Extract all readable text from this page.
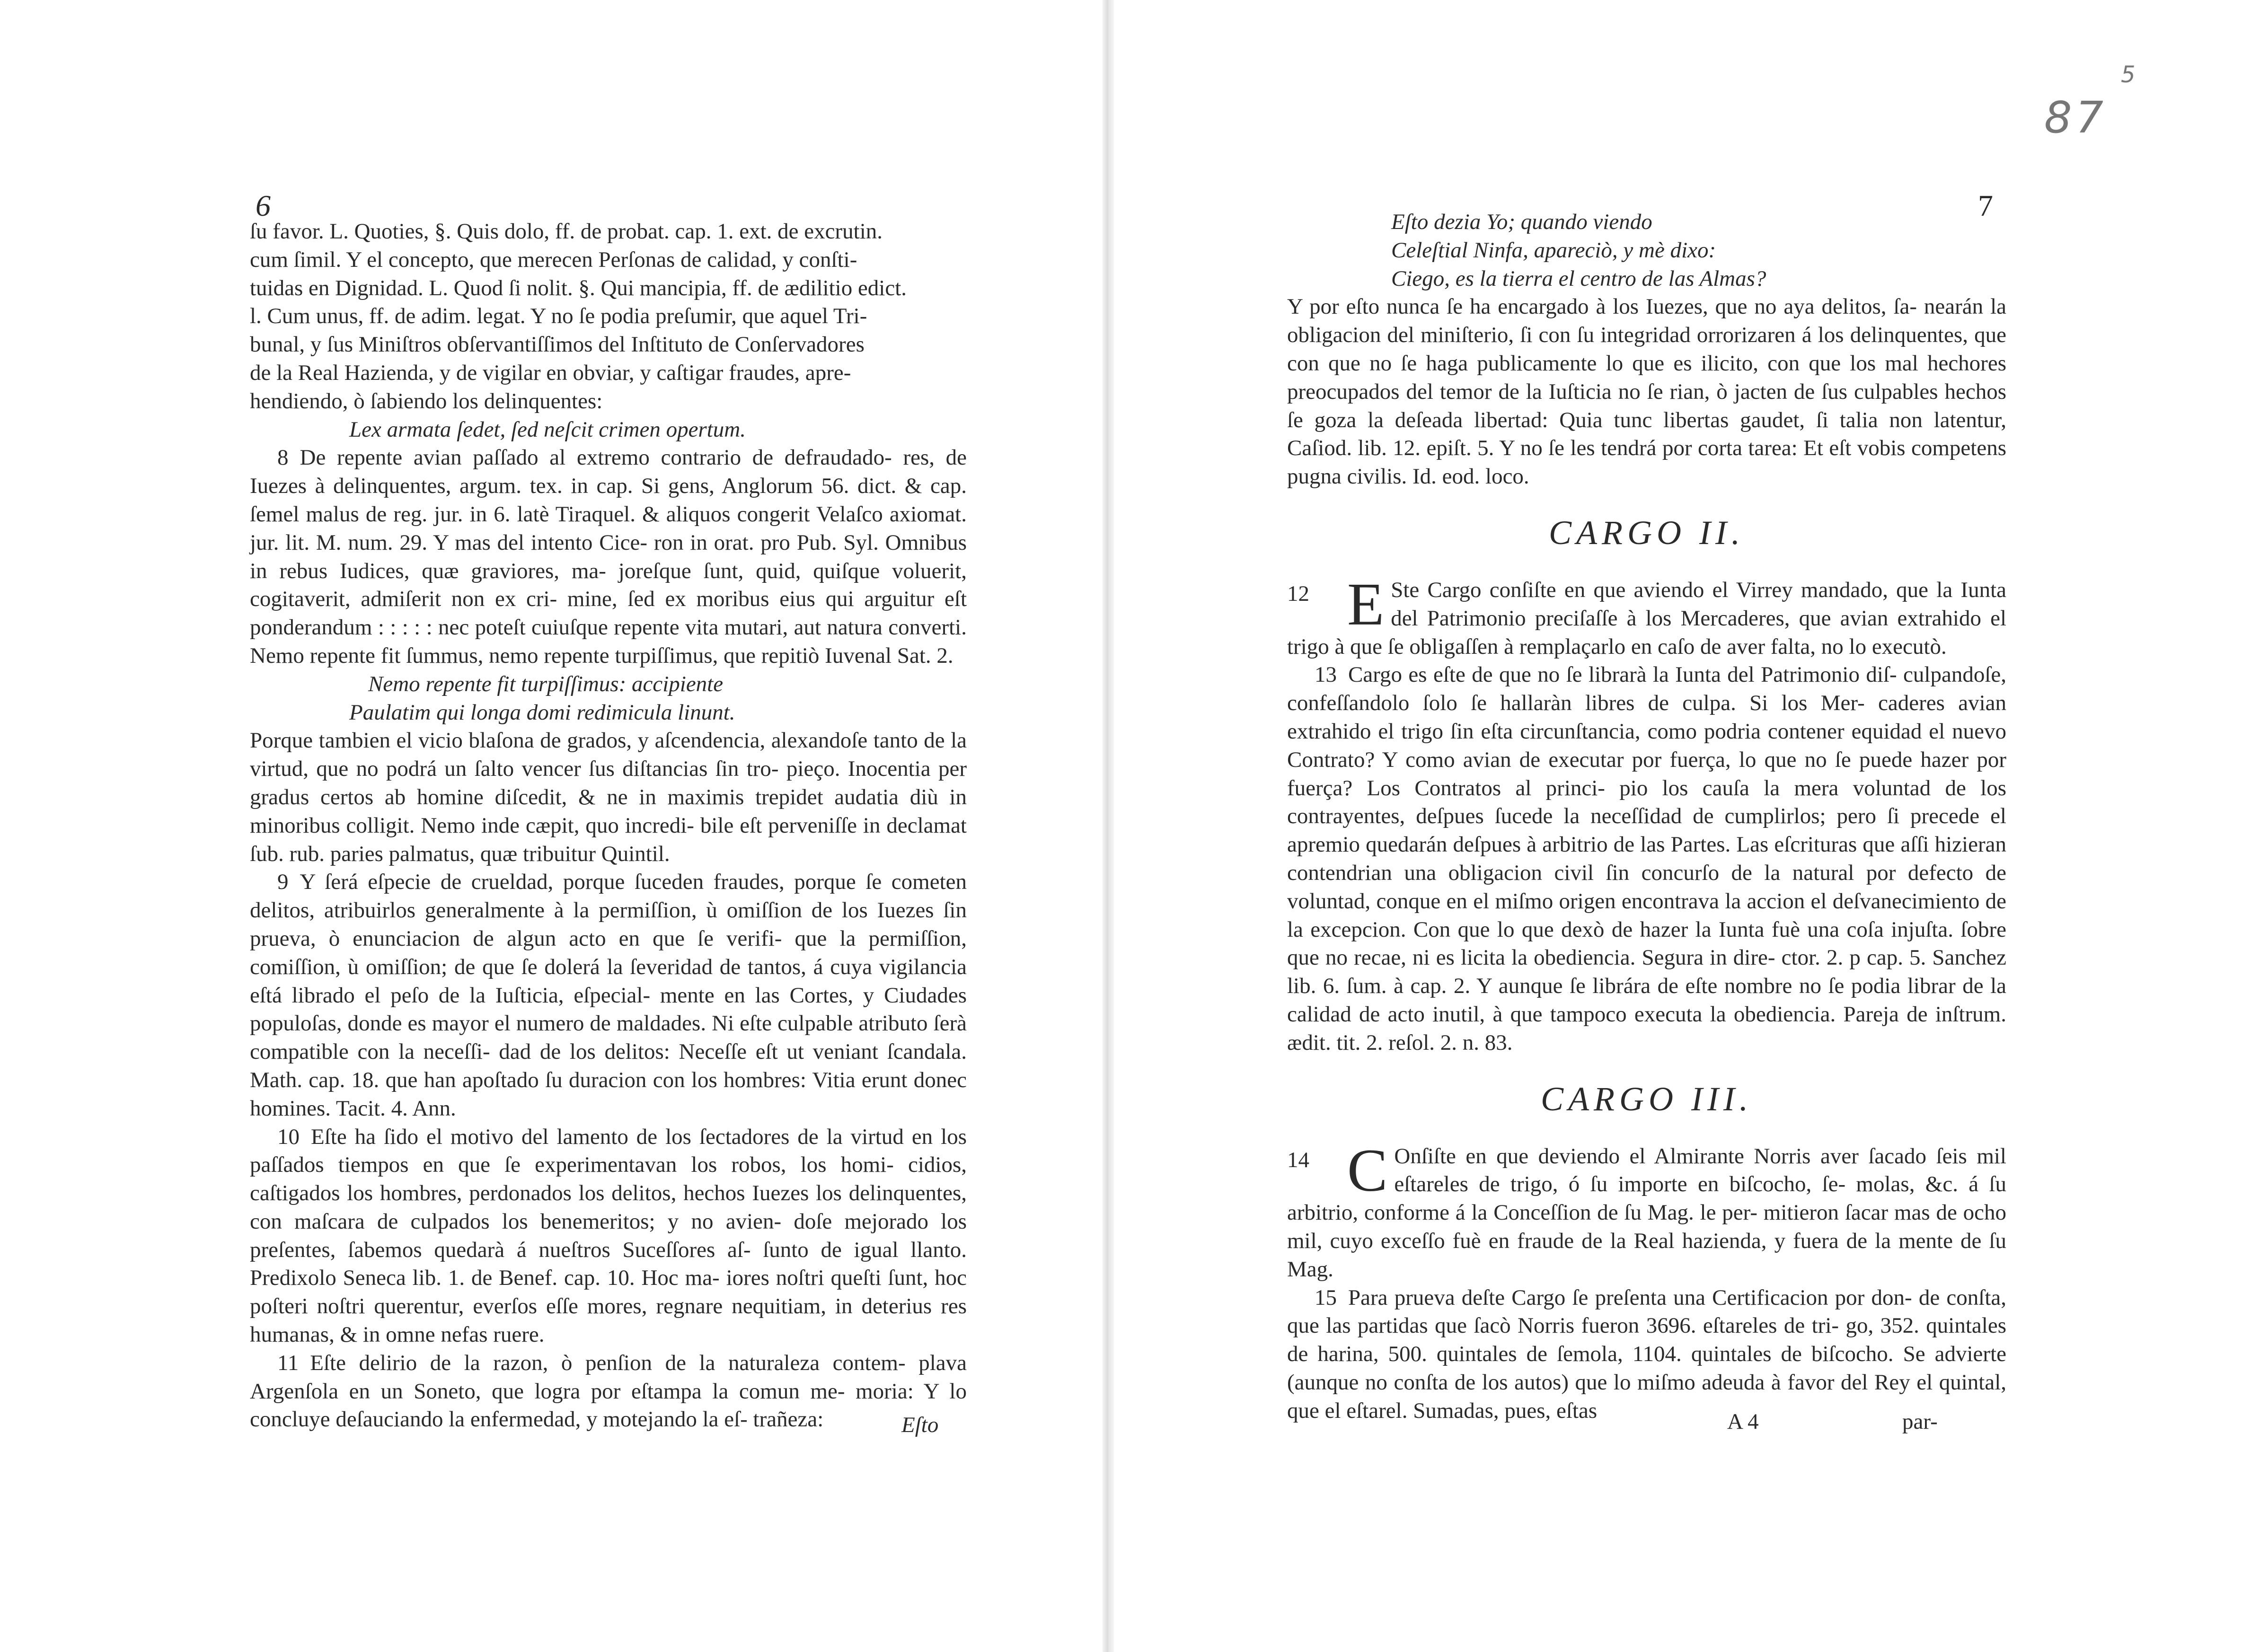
6

ſu favor. L. Quoties, §. Quis dolo, ff. de probat. cap. 1. ext. de excrutin.

cum ſimil. Y el concepto, que merecen Perſonas de calidad, y conſti-

tuidas en Dignidad. L. Quod ſi nolit. §. Qui mancipia, ff. de ædilitio edict.

l. Cum unus, ff. de adim. legat. Y no ſe podia preſumir, que aquel Tri-

bunal, y ſus Miniſtros obſervantiſſimos del Inſtituto de Conſervadores

de la Real Hazienda, y de vigilar en obviar, y caſtigar fraudes, apre-

hendiendo, ò ſabiendo los delinquentes:

Lex armata ſedet, ſed neſcit crimen opertum.

8 De repente avian paſſado al extremo contrario de defraudado- res, de Iuezes à delinquentes, argum. tex. in cap. Si gens, Anglorum 56. dict. & cap. ſemel malus de reg. jur. in 6. latè Tiraquel. & aliquos congerit Velaſco axiomat. jur. lit. M. num. 29. Y mas del intento Cice- ron in orat. pro Pub. Syl. Omnibus in rebus Iudices, quæ graviores, ma- joreſque ſunt, quid, quiſque voluerit, cogitaverit, admiſerit non ex cri- mine, ſed ex moribus eius qui arguitur eſt ponderandum : : : : : nec poteſt cuiuſque repente vita mutari, aut natura converti. Nemo repente fit ſummus, nemo repente turpiſſimus, que repitiò Iuvenal Sat. 2.

Nemo repente fit turpiſſimus: accipiente

Paulatim qui longa domi redimicula linunt.

Porque tambien el vicio blaſona de grados, y aſcendencia, alexandoſe tanto de la virtud, que no podrá un ſalto vencer ſus diſtancias ſin tro- pieço. Inocentia per gradus certos ab homine diſcedit, & ne in maximis trepidet audatia diù in minoribus colligit. Nemo inde cæpit, quo incredi- bile eſt perveniſſe in declamat ſub. rub. paries palmatus, quæ tribuitur Quintil.

9 Y ſerá eſpecie de crueldad, porque ſuceden fraudes, porque ſe cometen delitos, atribuirlos generalmente à la permiſſion, ù omiſſion de los Iuezes ſin prueva, ò enunciacion de algun acto en que ſe verifi- que la permiſſion, comiſſion, ù omiſſion; de que ſe dolerá la ſeveridad de tantos, á cuya vigilancia eſtá librado el peſo de la Iuſticia, eſpecial- mente en las Cortes, y Ciudades populoſas, donde es mayor el numero de maldades. Ni eſte culpable atributo ſerà compatible con la neceſſi- dad de los delitos: Neceſſe eſt ut veniant ſcandala. Math. cap. 18. que han apoſtado ſu duracion con los hombres: Vitia erunt donec homines. Tacit. 4. Ann.

10 Eſte ha ſido el motivo del lamento de los ſectadores de la virtud en los paſſados tiempos en que ſe experimentavan los robos, los homi- cidios, caſtigados los hombres, perdonados los delitos, hechos Iuezes los delinquentes, con maſcara de culpados los benemeritos; y no avien- doſe mejorado los preſentes, ſabemos quedarà á nueſtros Suceſſores aſ- ſunto de igual llanto. Predixolo Seneca lib. 1. de Benef. cap. 10. Hoc ma- iores noſtri queſti ſunt, hoc poſteri noſtri querentur, everſos eſſe mores, regnare nequitiam, in deterius res humanas, & in omne nefas ruere.

11 Eſte delirio de la razon, ò penſion de la naturaleza contem- plava Argenſola en un Soneto, que logra por eſtampa la comun me- moria: Y lo concluye deſauciando la enfermedad, y motejando la eſ- trañeza:	Eſto
5
87
7

Eſto dezia Yo; quando viendo

Celeſtial Ninfa, apareciò, y mè dixo:

Ciego, es la tierra el centro de las Almas?

Y por eſto nunca ſe ha encargado à los Iuezes, que no aya delitos, ſa- nearán la obligacion del miniſterio, ſi con ſu integridad orrorizaren á los delinquentes, que con que no ſe haga publicamente lo que es ilicito, con que los mal hechores preocupados del temor de la Iuſticia no ſe rian, ò jacten de ſus culpables hechos ſe goza la deſeada libertad: Quia tunc libertas gaudet, ſi talia non latentur, Caſiod. lib. 12. epiſt. 5. Y no ſe les tendrá por corta tarea: Et eſt vobis competens pugna civilis. Id. eod. loco.

CARGO II.

12 E Ste Cargo conſiſte en que aviendo el Virrey mandado, que la Iunta del Patrimonio preciſaſſe à los Mercaderes, que avian extrahido el trigo à que ſe obligaſſen à remplaçarlo en caſo de aver falta, no lo executò.

13 Cargo es eſte de que no ſe librarà la Iunta del Patrimonio diſ- culpandoſe, confeſſandolo ſolo ſe hallaràn libres de culpa. Si los Mer- caderes avian extrahido el trigo ſin eſta circunſtancia, como podria contener equidad el nuevo Contrato? Y como avian de executar por fuerça, lo que no ſe puede hazer por fuerça? Los Contratos al princi- pio los cauſa la mera voluntad de los contrayentes, deſpues ſucede la neceſſidad de cumplirlos; pero ſi precede el apremio quedarán deſpues à arbitrio de las Partes. Las eſcrituras que aſſi hizieran contendrian una obligacion civil ſin concurſo de la natural por defecto de voluntad, conque en el miſmo origen encontrava la accion el deſvanecimiento de la excepcion. Con que lo que dexò de hazer la Iunta fuè una coſa injuſta. ſobre que no recae, ni es licita la obediencia. Segura in dire- ctor. 2. p cap. 5. Sanchez lib. 6. ſum. à cap. 2. Y aunque ſe librára de eſte nombre no ſe podia librar de la calidad de acto inutil, à que tampoco executa la obediencia. Pareja de inſtrum. ædit. tit. 2. reſol. 2. n. 83.

CARGO III.

14 C Onſiſte en que deviendo el Almirante Norris aver ſacado ſeis mil eſtareles de trigo, ó ſu importe en biſcocho, ſe- molas, &c. á ſu arbitrio, conforme á la Conceſſion de ſu Mag. le per- mitieron ſacar mas de ocho mil, cuyo exceſſo fuè en fraude de la Real hazienda, y fuera de la mente de ſu Mag.

15 Para prueva deſte Cargo ſe preſenta una Certificacion por don- de conſta, que las partidas que ſacò Norris fueron 3696. eſtareles de tri- go, 352. quintales de harina, 500. quintales de ſemola, 1104. quintales de biſcocho. Se advierte (aunque no conſta de los autos) que lo miſmo adeuda à favor del Rey el quintal, que el eſtarel. Sumadas, pues, eſtas	A 4	par-
